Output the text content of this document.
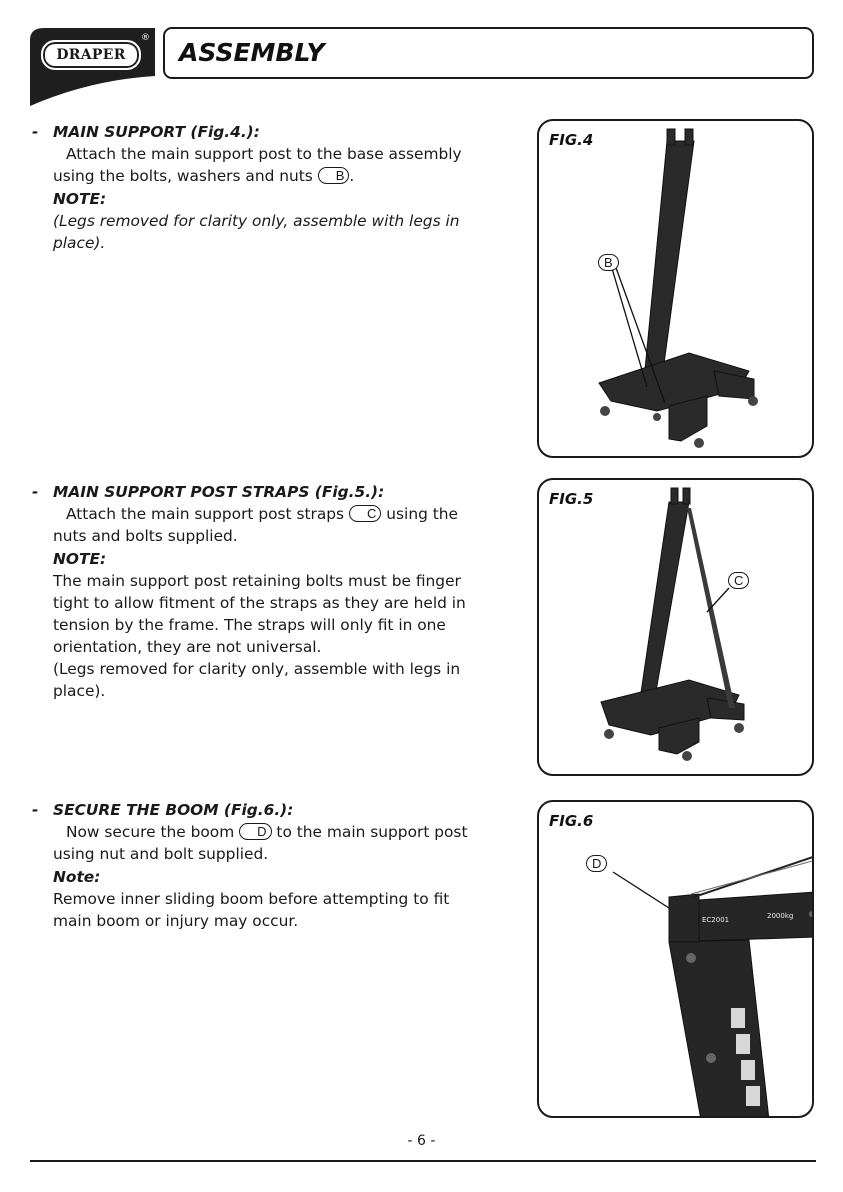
DRAPER
® ASSEMBLY
- MAIN SUPPORT (Fig.4.):
Attach the main support post to the base assembly using the bolts, washers and nuts B .
NOTE:
(Legs removed for clarity only, assemble with legs in place).
- MAIN SUPPORT POST STRAPS (Fig.5.):
Attach the main support post straps C using the nuts and bolts supplied.
NOTE:
The main support post retaining bolts must be finger tight to allow fitment of the straps as they are held in tension by the frame. The straps will only fit in one orientation, they are not universal.
(Legs removed for clarity only, assemble with legs in place).
- SECURE THE BOOM (Fig.6.):
Now secure the boom D to the main support post using nut and bolt supplied.
Note:
Remove inner sliding boom before attempting to fit main boom or injury may occur.
FIG.4
B
FIG.5
C
EC2001	2000kg
FIG.6
D
- 6 -
